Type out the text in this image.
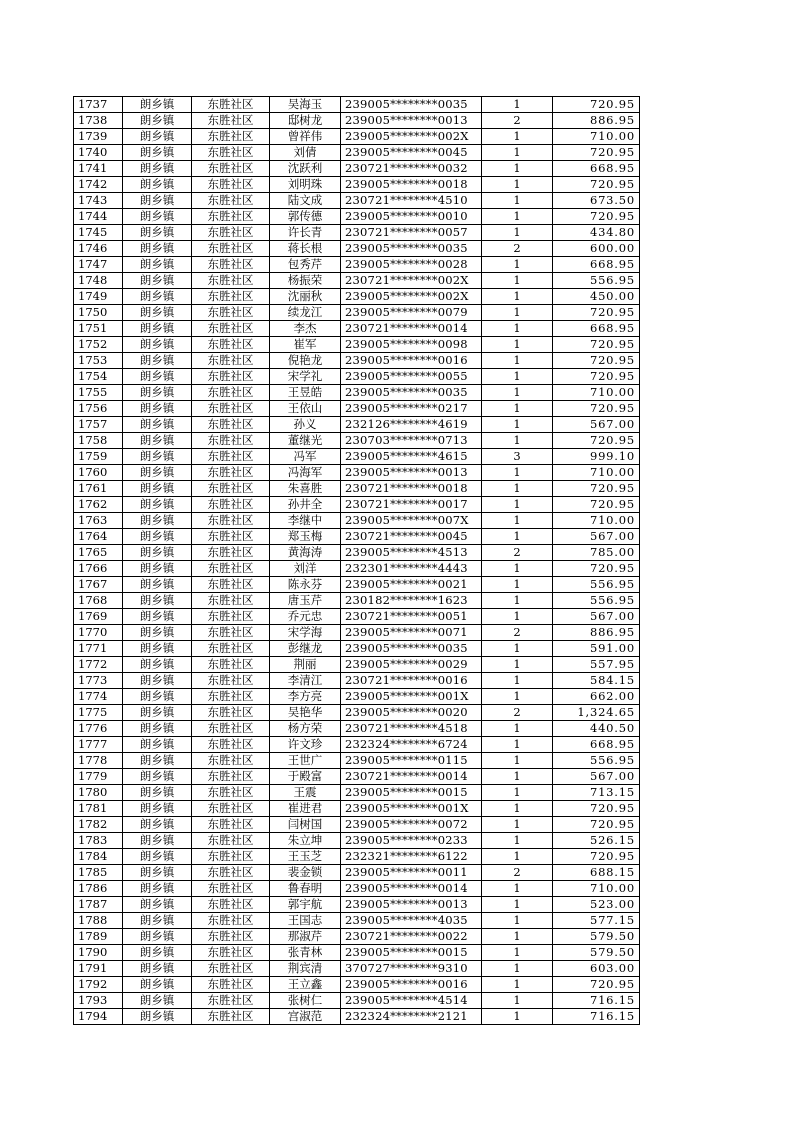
1737	朗乡镇	东胜社区	吴海玉	239005********0035	1	720.95
1738	朗乡镇	东胜社区	邸树龙	239005********0013	2	886.95
1739	朗乡镇	东胜社区	曾祥伟	239005********002X	1	710.00
1740	朗乡镇	东胜社区	刘倩	239005********0045	1	720.95
1741	朗乡镇	东胜社区	沈跃利	230721********0032	1	668.95
1742	朗乡镇	东胜社区	刘明珠	239005********0018	1	720.95
1743	朗乡镇	东胜社区	陆文成	230721********4510	1	673.50
1744	朗乡镇	东胜社区	郭传德	239005********0010	1	720.95
1745	朗乡镇	东胜社区	许长青	230721********0057	1	434.80
1746	朗乡镇	东胜社区	蒋长根	239005********0035	2	600.00
1747	朗乡镇	东胜社区	包秀芹	239005********0028	1	668.95
1748	朗乡镇	东胜社区	杨振荣	230721********002X	1	556.95
1749	朗乡镇	东胜社区	沈丽秋	239005********002X	1	450.00
1750	朗乡镇	东胜社区	续龙江	239005********0079	1	720.95
1751	朗乡镇	东胜社区	李杰	230721********0014	1	668.95
1752	朗乡镇	东胜社区	崔军	239005********0098	1	720.95
1753	朗乡镇	东胜社区	倪艳龙	239005********0016	1	720.95
1754	朗乡镇	东胜社区	宋学礼	239005********0055	1	720.95
1755	朗乡镇	东胜社区	王昱皓	239005********0035	1	710.00
1756	朗乡镇	东胜社区	王依山	239005********0217	1	720.95
1757	朗乡镇	东胜社区	孙义	232126********4619	1	567.00
1758	朗乡镇	东胜社区	董继光	230703********0713	1	720.95
1759	朗乡镇	东胜社区	冯军	239005********4615	3	999.10
1760	朗乡镇	东胜社区	冯海军	239005********0013	1	710.00
1761	朗乡镇	东胜社区	朱喜胜	230721********0018	1	720.95
1762	朗乡镇	东胜社区	孙井全	230721********0017	1	720.95
1763	朗乡镇	东胜社区	李继中	239005********007X	1	710.00
1764	朗乡镇	东胜社区	郑玉梅	230721********0045	1	567.00
1765	朗乡镇	东胜社区	黄海涛	239005********4513	2	785.00
1766	朗乡镇	东胜社区	刘洋	232301********4443	1	720.95
1767	朗乡镇	东胜社区	陈永芬	239005********0021	1	556.95
1768	朗乡镇	东胜社区	唐玉芹	230182********1623	1	556.95
1769	朗乡镇	东胜社区	乔元忠	230721********0051	1	567.00
1770	朗乡镇	东胜社区	宋学海	239005********0071	2	886.95
1771	朗乡镇	东胜社区	彭继龙	239005********0035	1	591.00
1772	朗乡镇	东胜社区	荆丽	239005********0029	1	557.95
1773	朗乡镇	东胜社区	李清江	230721********0016	1	584.15
1774	朗乡镇	东胜社区	李方亮	239005********001X	1	662.00
1775	朗乡镇	东胜社区	吴艳华	239005********0020	2	1,324.65
1776	朗乡镇	东胜社区	杨方荣	230721********4518	1	440.50
1777	朗乡镇	东胜社区	许文珍	232324********6724	1	668.95
1778	朗乡镇	东胜社区	王世广	239005********0115	1	556.95
1779	朗乡镇	东胜社区	于殿富	230721********0014	1	567.00
1780	朗乡镇	东胜社区	王震	239005********0015	1	713.15
1781	朗乡镇	东胜社区	崔进君	239005********001X	1	720.95
1782	朗乡镇	东胜社区	闫树国	239005********0072	1	720.95
1783	朗乡镇	东胜社区	朱立坤	239005********0233	1	526.15
1784	朗乡镇	东胜社区	王玉芝	232321********6122	1	720.95
1785	朗乡镇	东胜社区	裴金锁	239005********0011	2	688.15
1786	朗乡镇	东胜社区	鲁春明	239005********0014	1	710.00
1787	朗乡镇	东胜社区	郭宇航	239005********0013	1	523.00
1788	朗乡镇	东胜社区	王国志	239005********4035	1	577.15
1789	朗乡镇	东胜社区	那淑芹	230721********0022	1	579.50
1790	朗乡镇	东胜社区	张青林	239005********0015	1	579.50
1791	朗乡镇	东胜社区	荆宾清	370727********9310	1	603.00
1792	朗乡镇	东胜社区	王立鑫	239005********0016	1	720.95
1793	朗乡镇	东胜社区	张树仁	239005********4514	1	716.15
1794	朗乡镇	东胜社区	宫淑范	232324********2121	1	716.15
